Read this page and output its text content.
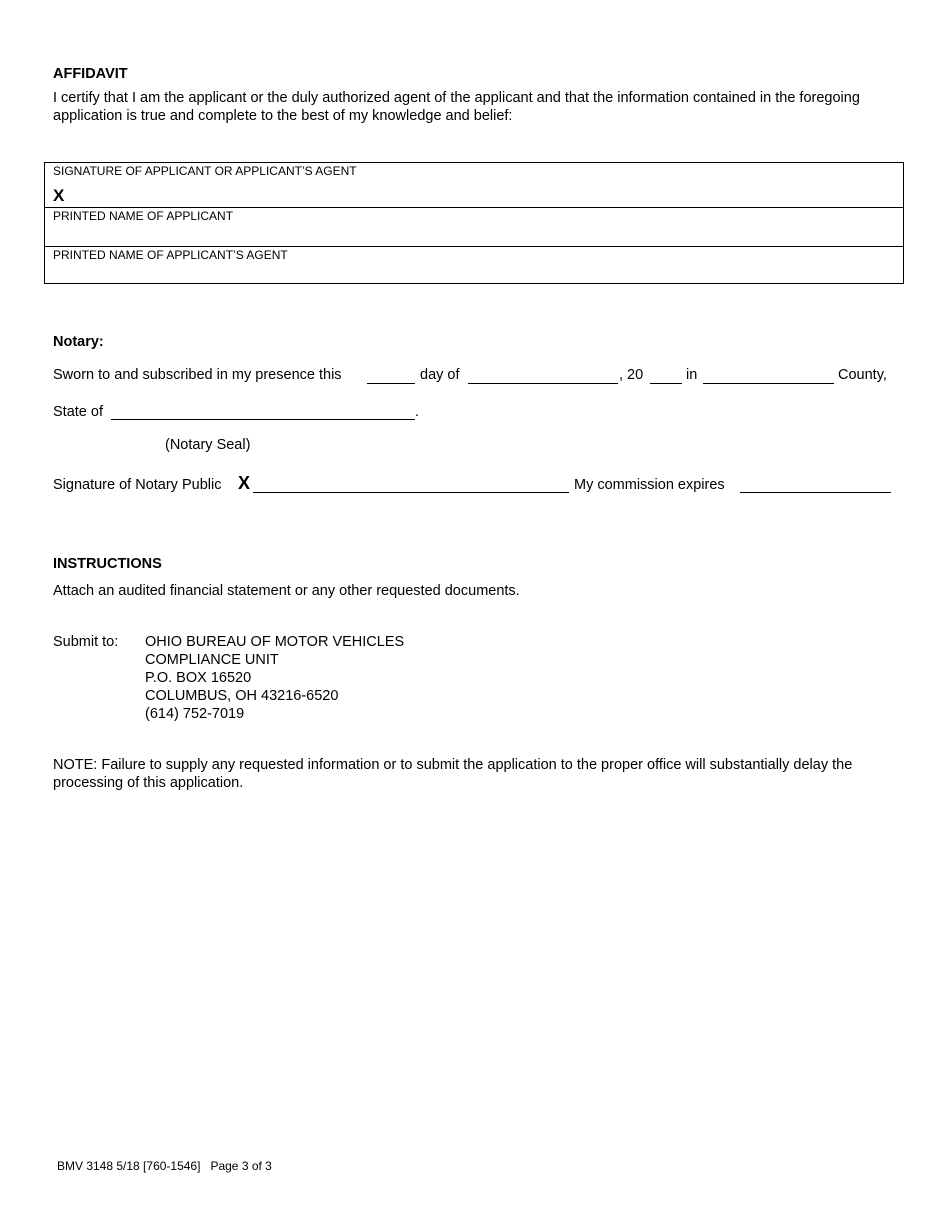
AFFIDAVIT
I certify that I am the applicant or the duly authorized agent of the applicant and that the information contained in the foregoing application is true and complete to the best of my knowledge and belief:
SIGNATURE OF APPLICANT OR APPLICANT’S AGENT
X
PRINTED NAME OF APPLICANT
PRINTED NAME OF APPLICANT’S AGENT
Notary:
Sworn to and subscribed in my presence this	day of	, 20	in	County,
State of	.
(Notary Seal)
Signature of Notary Public X	My commission expires
INSTRUCTIONS
Attach an audited financial statement or any other requested documents.
Submit to: OHIO BUREAU OF MOTOR VEHICLES
COMPLIANCE UNIT
P.O. BOX 16520
COLUMBUS, OH 43216-6520
(614) 752-7019
NOTE: Failure to supply any requested information or to submit the application to the proper office will substantially delay the processing of this application.
BMV 3148 5/18 [760-1546] Page 3 of 3
